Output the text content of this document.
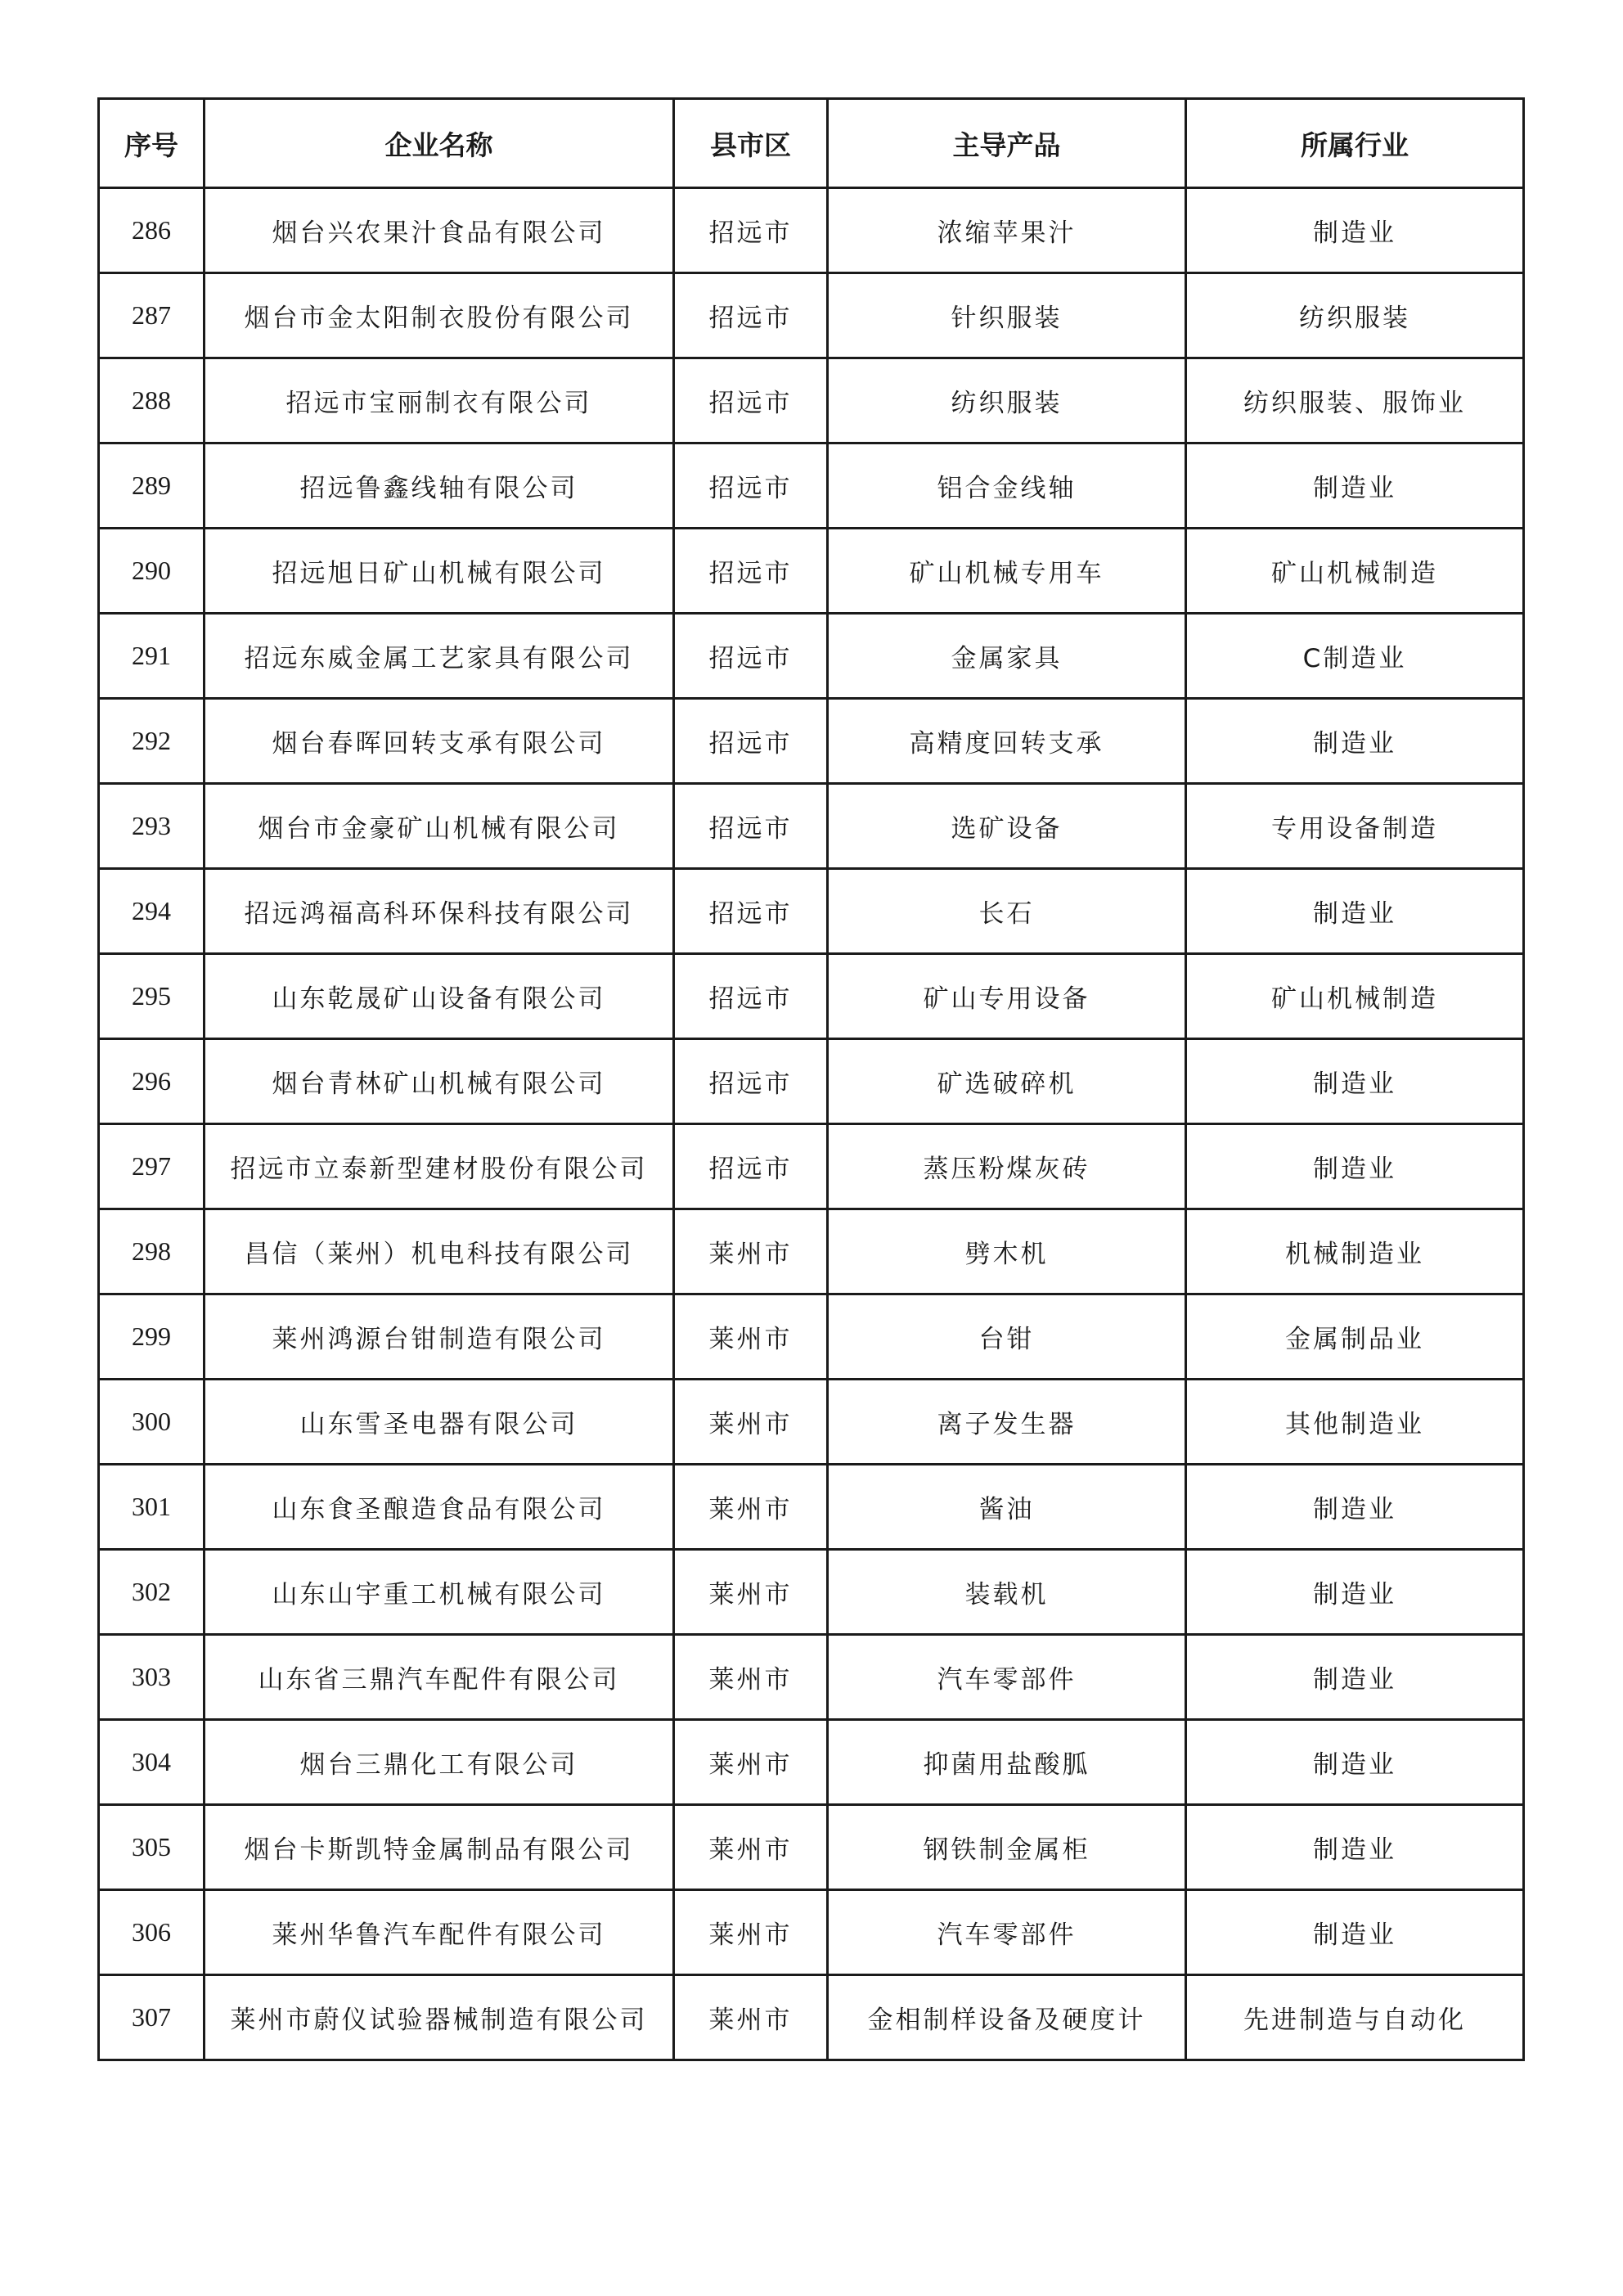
序号	企业名称	县市区	主导产品	所属行业
286	烟台兴农果汁食品有限公司	招远市	浓缩苹果汁	制造业
287	烟台市金太阳制衣股份有限公司	招远市	针织服装	纺织服装
288	招远市宝丽制衣有限公司	招远市	纺织服装	纺织服装、服饰业
289	招远鲁鑫线轴有限公司	招远市	铝合金线轴	制造业
290	招远旭日矿山机械有限公司	招远市	矿山机械专用车	矿山机械制造
291	招远东威金属工艺家具有限公司	招远市	金属家具	C制造业
292	烟台春晖回转支承有限公司	招远市	高精度回转支承	制造业
293	烟台市金豪矿山机械有限公司	招远市	选矿设备	专用设备制造
294	招远鸿福高科环保科技有限公司	招远市	长石	制造业
295	山东乾晟矿山设备有限公司	招远市	矿山专用设备	矿山机械制造
296	烟台青林矿山机械有限公司	招远市	矿选破碎机	制造业
297	招远市立泰新型建材股份有限公司	招远市	蒸压粉煤灰砖	制造业
298	昌信（莱州）机电科技有限公司	莱州市	劈木机	机械制造业
299	莱州鸿源台钳制造有限公司	莱州市	台钳	金属制品业
300	山东雪圣电器有限公司	莱州市	离子发生器	其他制造业
301	山东食圣酿造食品有限公司	莱州市	酱油	制造业
302	山东山宇重工机械有限公司	莱州市	装载机	制造业
303	山东省三鼎汽车配件有限公司	莱州市	汽车零部件	制造业
304	烟台三鼎化工有限公司	莱州市	抑菌用盐酸胍	制造业
305	烟台卡斯凯特金属制品有限公司	莱州市	钢铁制金属柜	制造业
306	莱州华鲁汽车配件有限公司	莱州市	汽车零部件	制造业
307	莱州市蔚仪试验器械制造有限公司	莱州市	金相制样设备及硬度计	先进制造与自动化
